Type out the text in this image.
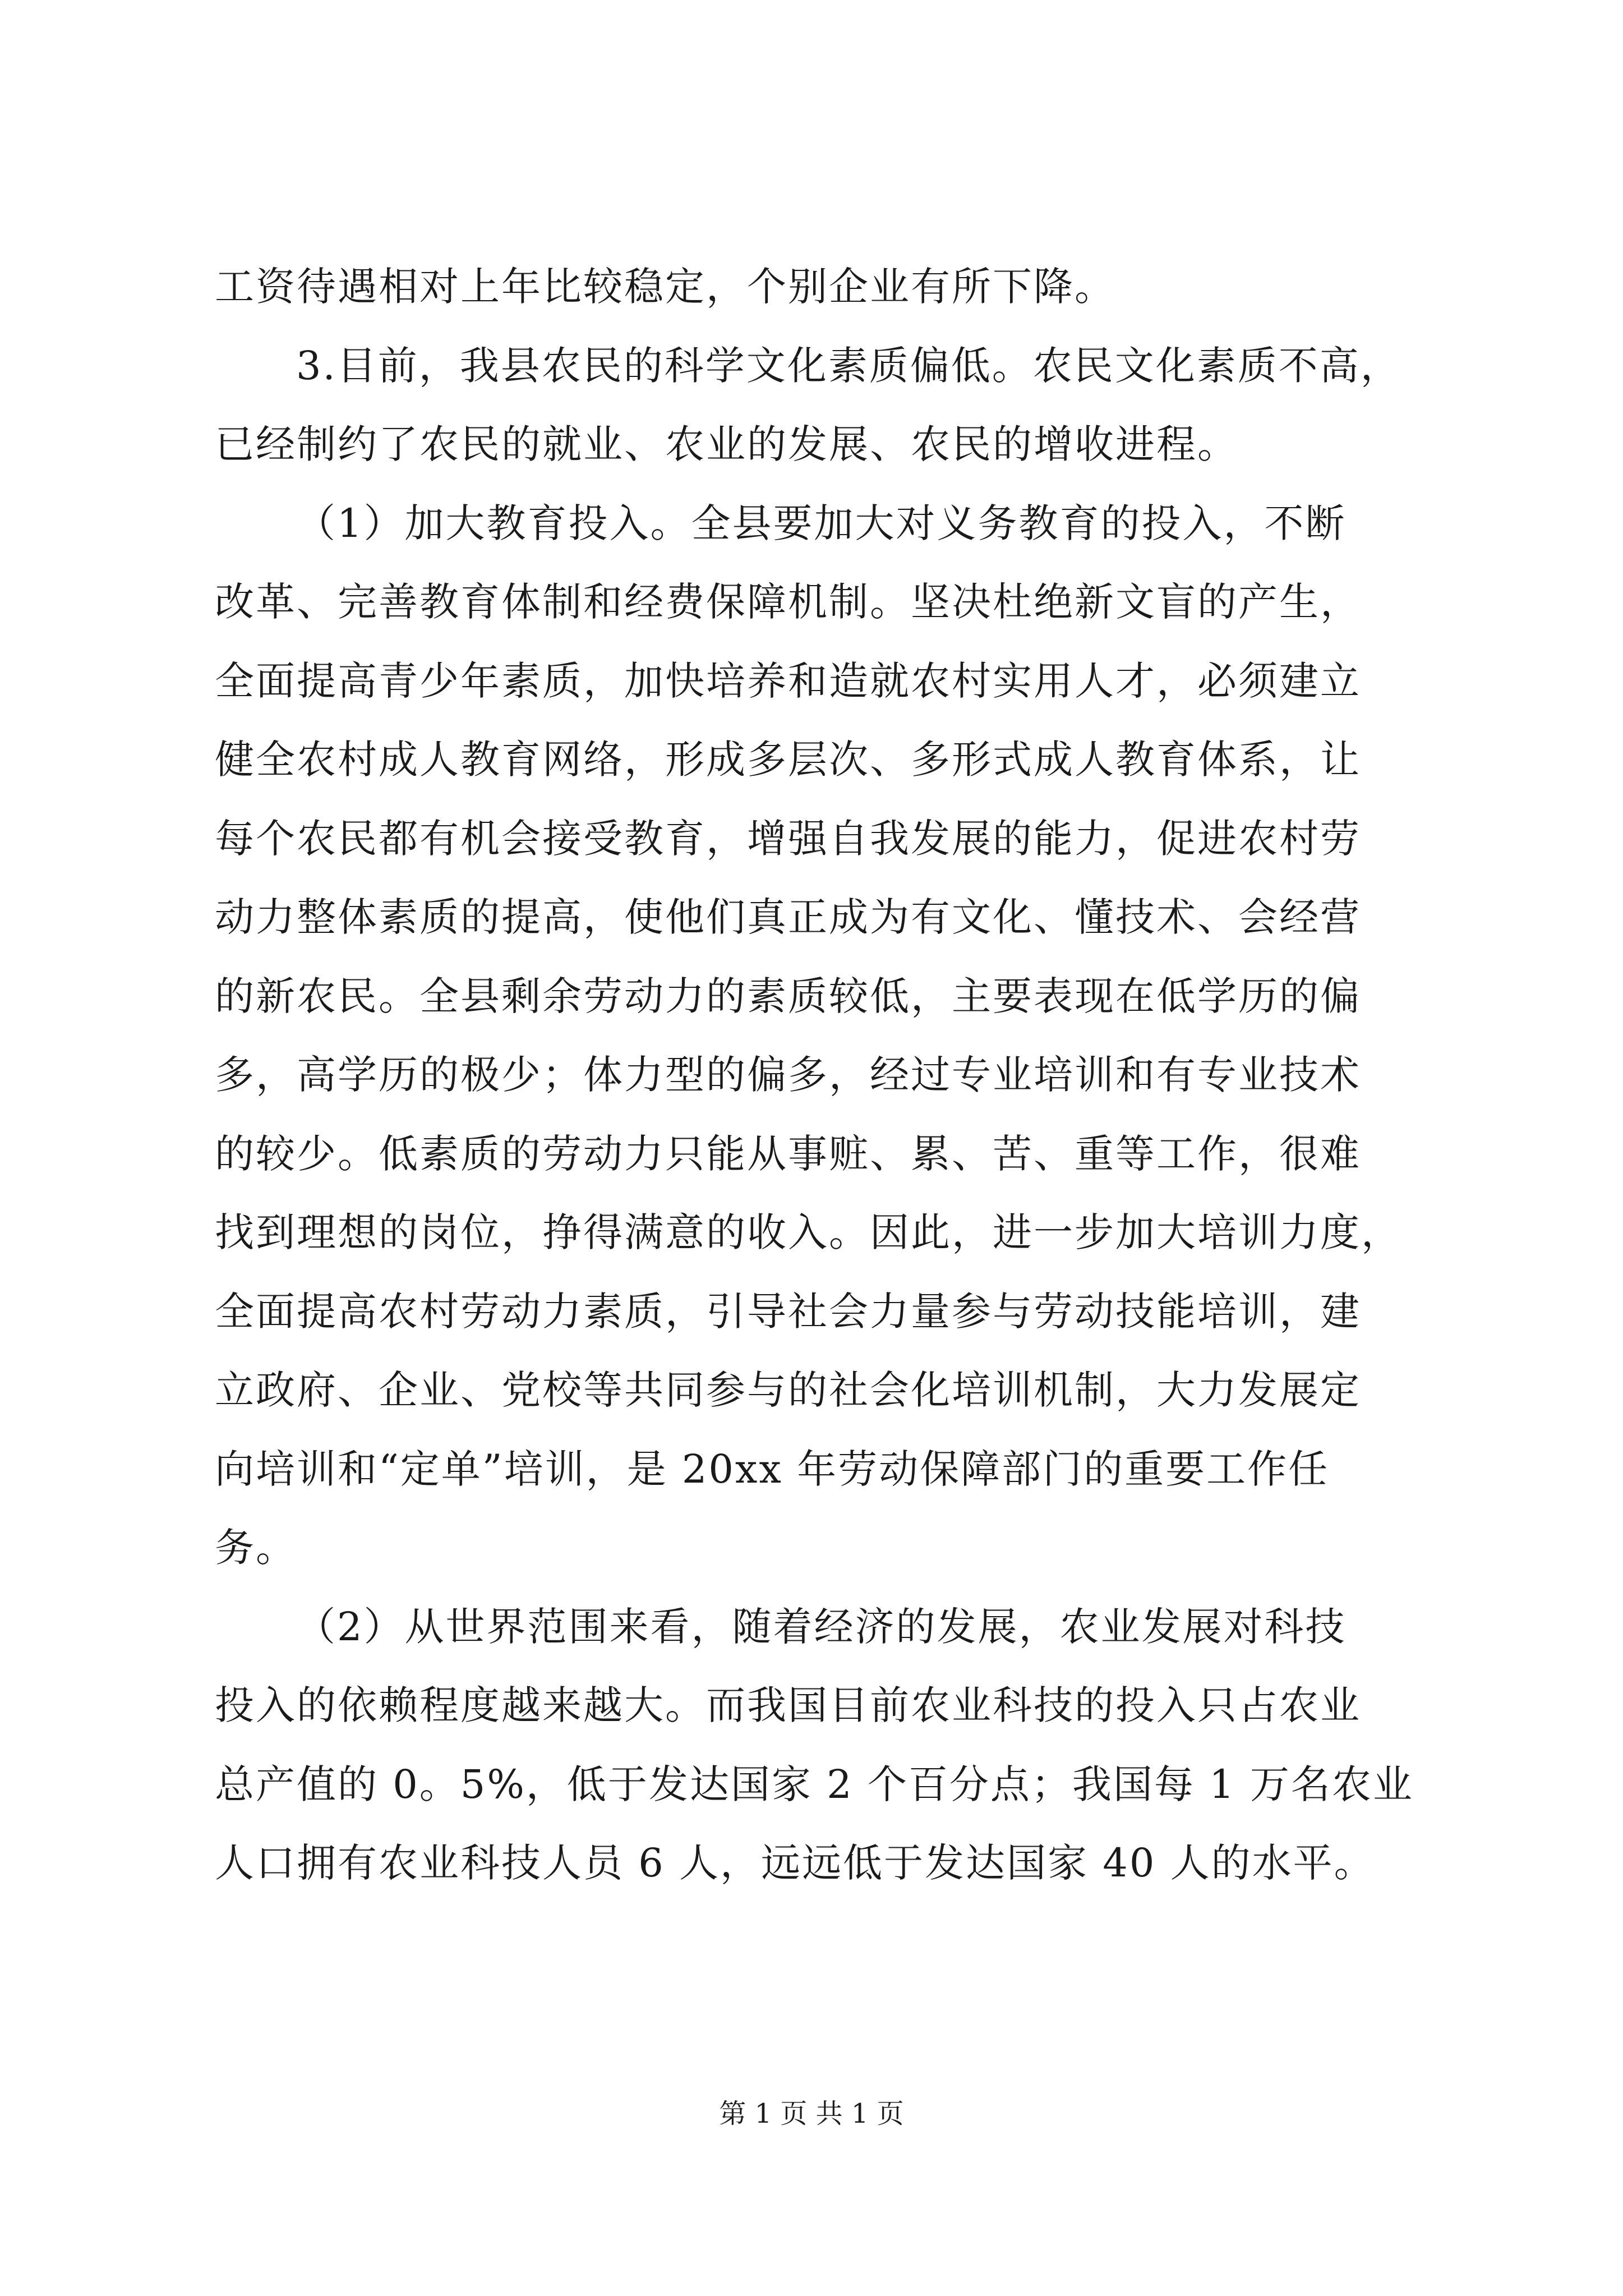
工资待遇相对上年比较稳定，个别企业有所下降。
3.目前，我县农民的科学文化素质偏低。农民文化素质不高，
已经制约了农民的就业、农业的发展、农民的增收进程。
（1）加大教育投入。全县要加大对义务教育的投入，不断
改革、完善教育体制和经费保障机制。坚决杜绝新文盲的产生，
全面提高青少年素质，加快培养和造就农村实用人才，必须建立
健全农村成人教育网络，形成多层次、多形式成人教育体系，让
每个农民都有机会接受教育，增强自我发展的能力，促进农村劳
动力整体素质的提高，使他们真正成为有文化、懂技术、会经营
的新农民。全县剩余劳动力的素质较低，主要表现在低学历的偏
多，高学历的极少；体力型的偏多，经过专业培训和有专业技术
的较少。低素质的劳动力只能从事赃、累、苦、重等工作，很难
找到理想的岗位，挣得满意的收入。因此，进一步加大培训力度，
全面提高农村劳动力素质，引导社会力量参与劳动技能培训，建
立政府、企业、党校等共同参与的社会化培训机制，大力发展定
向培训和“定单”培训，是 20xx 年劳动保障部门的重要工作任
务。
（2）从世界范围来看，随着经济的发展，农业发展对科技
投入的依赖程度越来越大。而我国目前农业科技的投入只占农业
总产值的 0。5%，低于发达国家 2 个百分点；我国每 1 万名农业
人口拥有农业科技人员 6 人，远远低于发达国家 40 人的水平。
第 1 页 共 1 页
